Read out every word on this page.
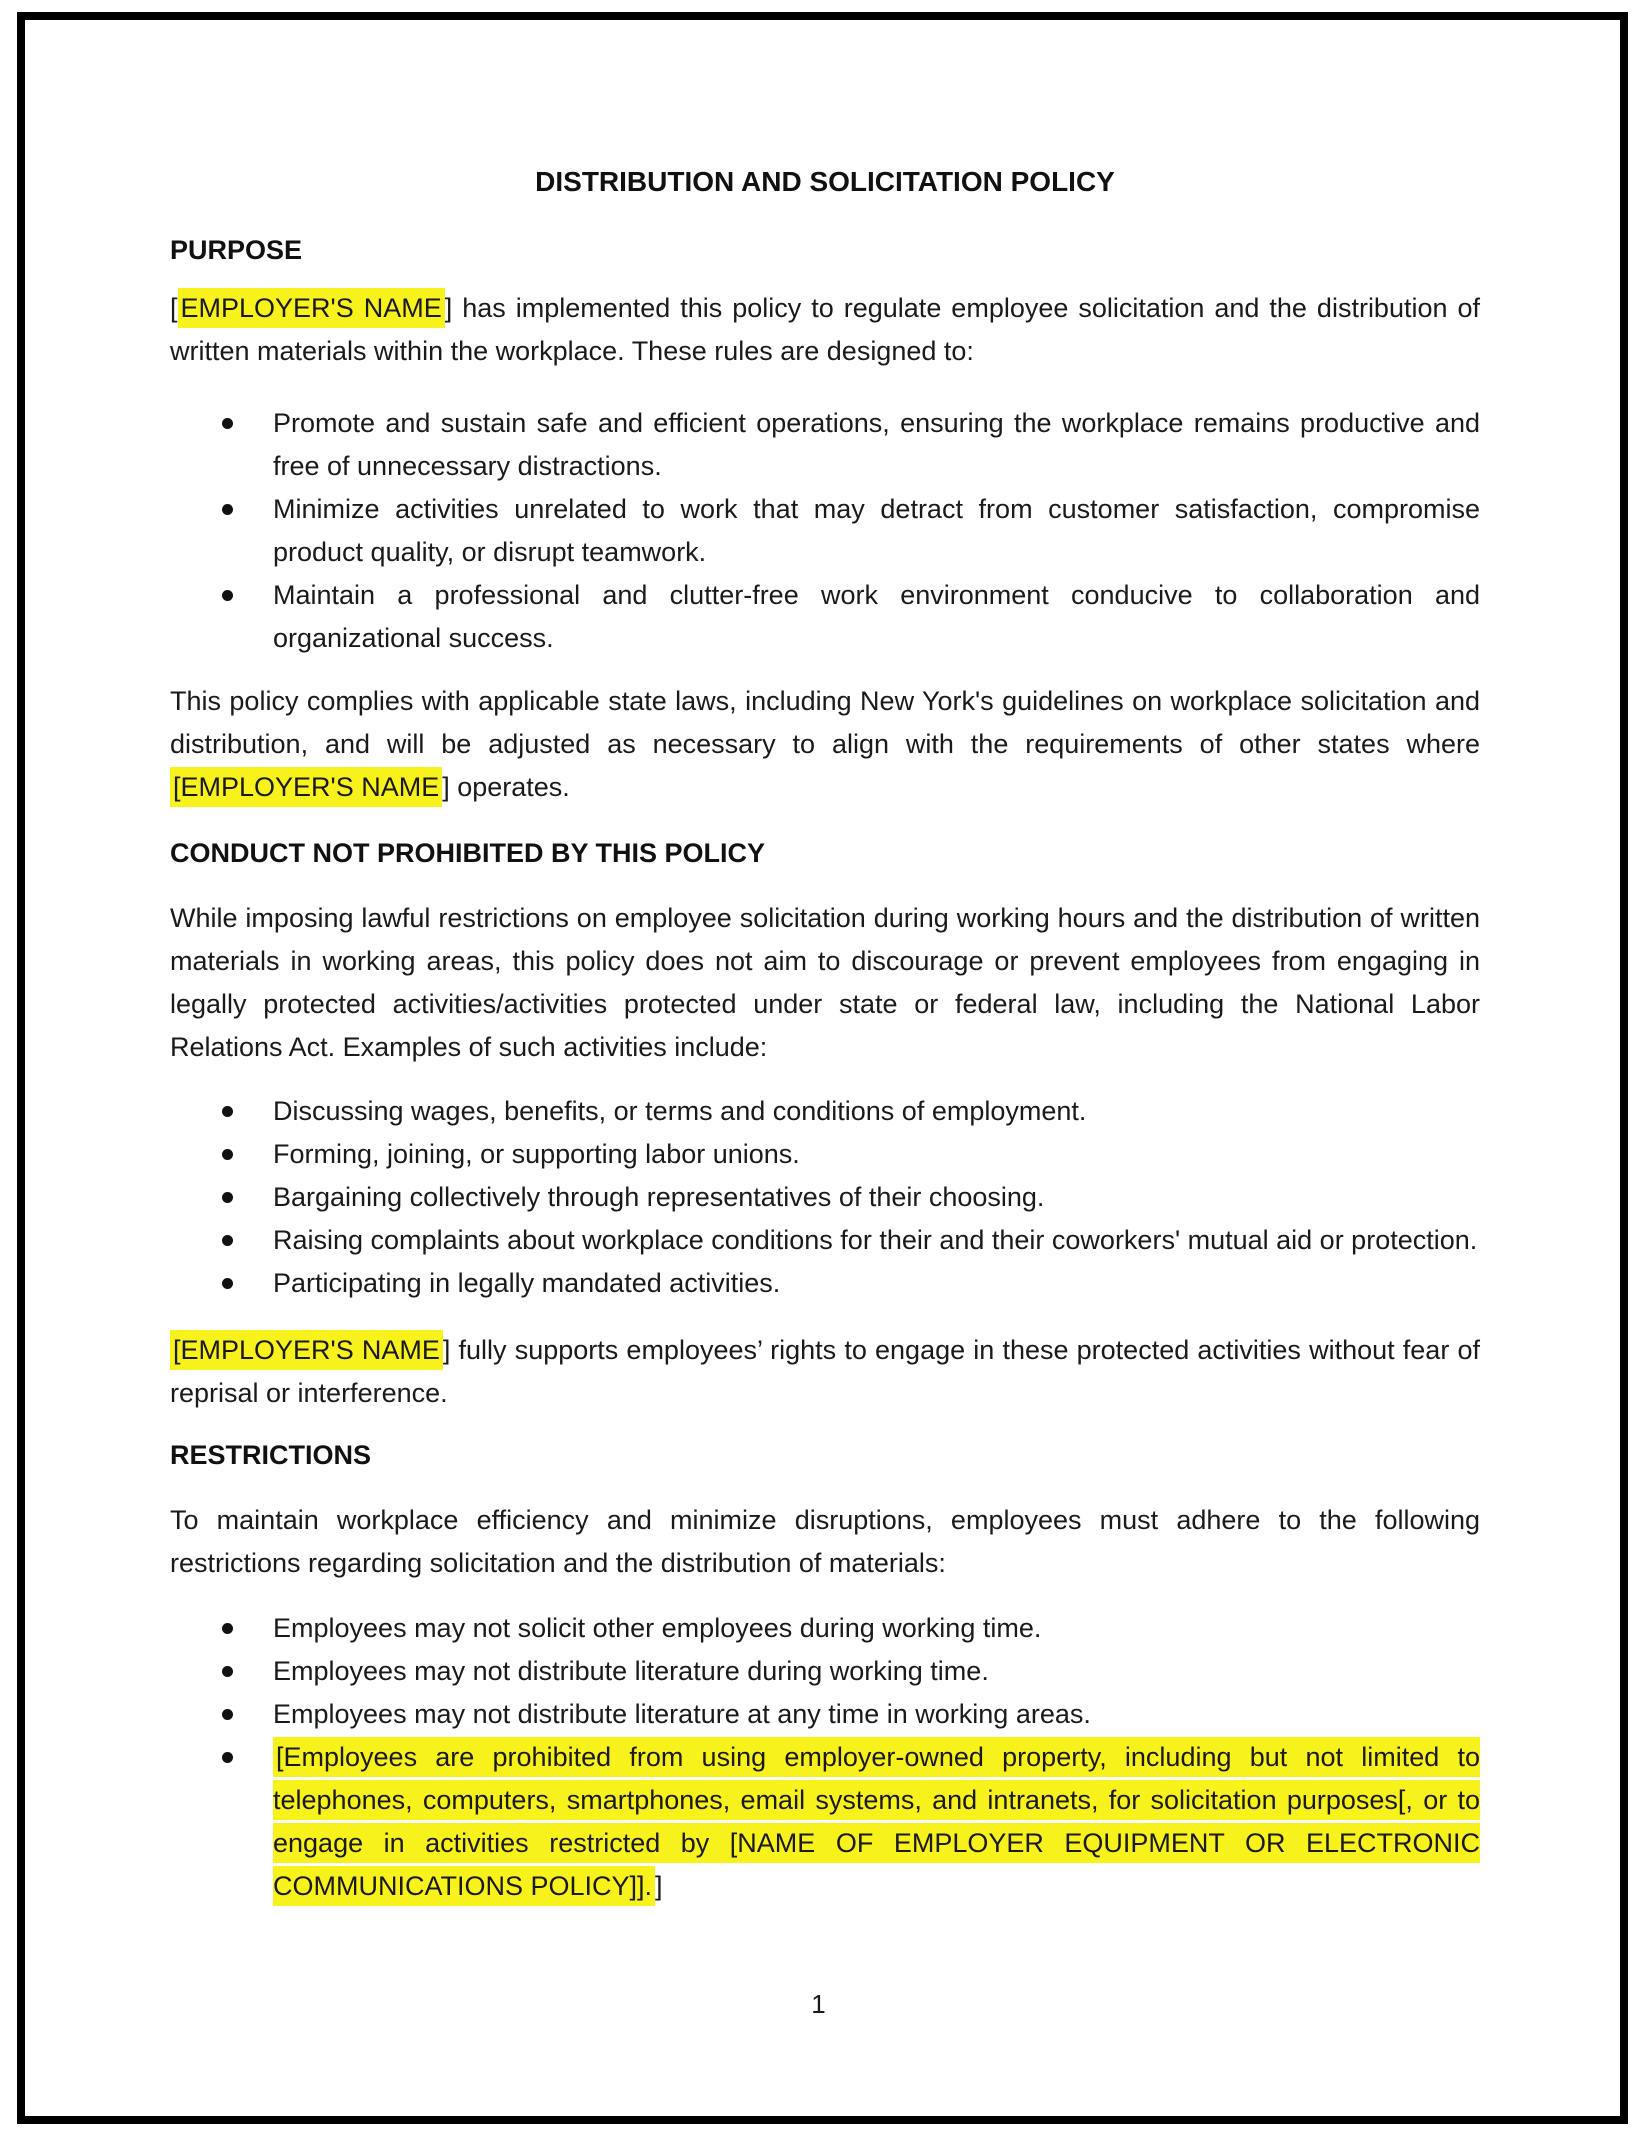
DISTRIBUTION AND SOLICITATION POLICY
PURPOSE

[ EMPLOYER'S NAME ] has implemented this policy to regulate employee solicitation and the distribution of written materials within the workplace. These rules are designed to:

Promote and sustain safe and efficient operations, ensuring the workplace remains productive and free of unnecessary distractions.
Minimize activities unrelated to work that may detract from customer satisfaction, compromise product quality, or disrupt teamwork.
Maintain a professional and clutter-free work environment conducive to collaboration and organizational success.

This policy complies with applicable state laws, including New York's guidelines on workplace solicitation and distribution, and will be adjusted as necessary to align with the requirements of other states where [EMPLOYER'S NAME ] operates.

CONDUCT NOT PROHIBITED BY THIS POLICY

While imposing lawful restrictions on employee solicitation during working hours and the distribution of written materials in working areas, this policy does not aim to discourage or prevent employees from engaging in legally protected activities/activities protected under state or federal law, including the National Labor Relations Act. Examples of such activities include:

Discussing wages, benefits, or terms and conditions of employment.
Forming, joining, or supporting labor unions.
Bargaining collectively through representatives of their choosing.
Raising complaints about workplace conditions for their and their coworkers' mutual aid or protection.
Participating in legally mandated activities.

[EMPLOYER'S NAME ] fully supports employees’ rights to engage in these protected activities without fear of reprisal or interference.

RESTRICTIONS

To maintain workplace efficiency and minimize disruptions, employees must adhere to the following restrictions regarding solicitation and the distribution of materials:

Employees may not solicit other employees during working time.
Employees may not distribute literature during working time.
Employees may not distribute literature at any time in working areas.
[Employees are prohibited from using employer-owned property, including but not limited to telephones, computers, smartphones, email systems, and intranets, for solicitation purposes[, or to engage in activities restricted by [NAME OF EMPLOYER EQUIPMENT OR ELECTRONIC COMMUNICATIONS POLICY]]. ]
1
